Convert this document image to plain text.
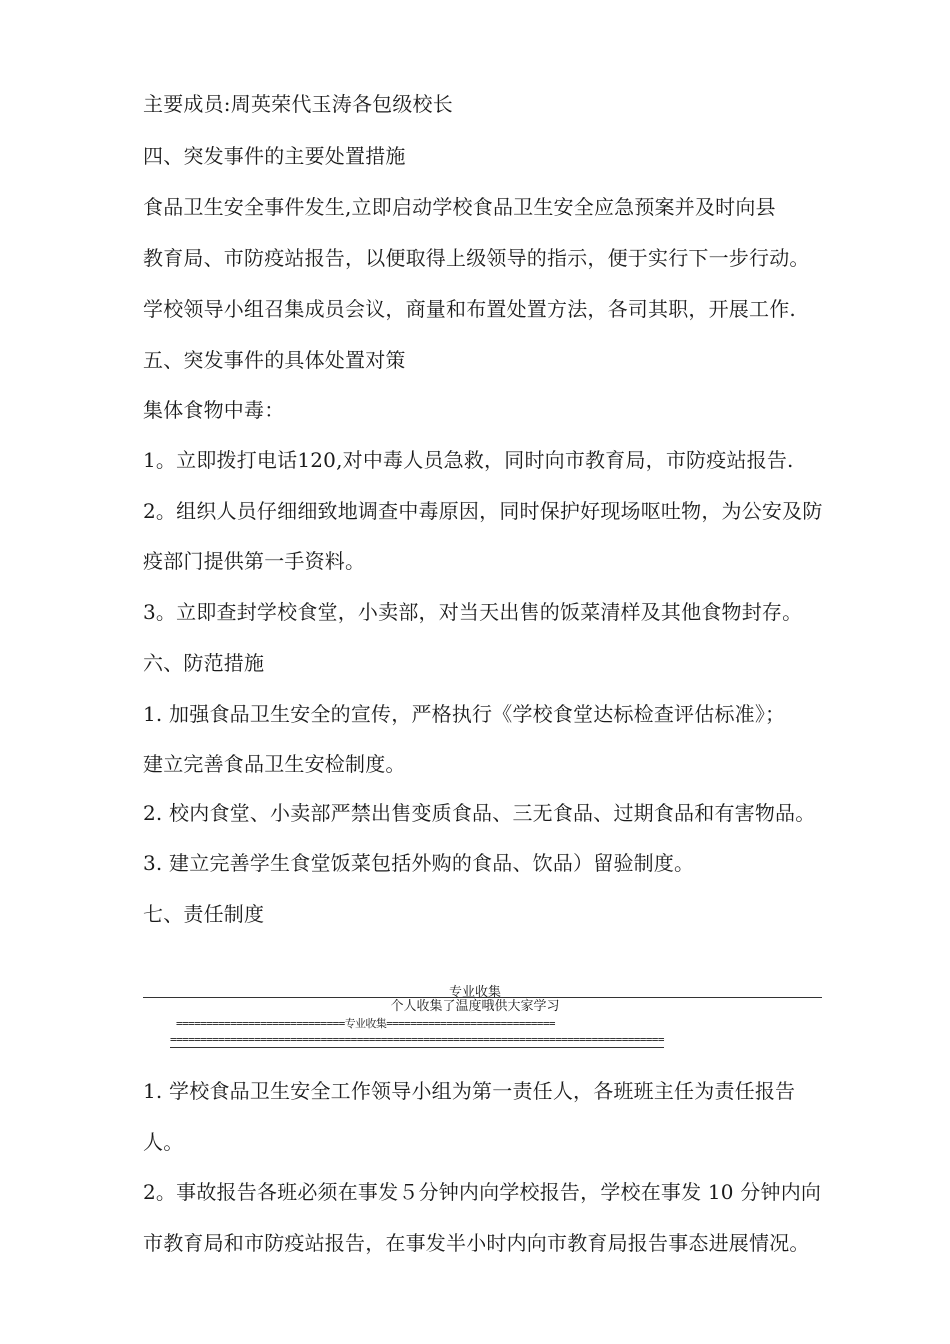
主要成员:周英荣代玉涛各包级校长
四、突发事件的主要处置措施
食品卫生安全事件发生,立即启动学校食品卫生安全应急预案并及时向县
教育局、市防疫站报告，以便取得上级领导的指示，便于实行下一步行动。
学校领导小组召集成员会议，商量和布置处置方法，各司其职，开展工作.
五、突发事件的具体处置对策
集体食物中毒：
1。立即拨打电话120,对中毒人员急救，同时向市教育局，市防疫站报告.
2。组织人员仔细细致地调查中毒原因，同时保护好现场呕吐物，为公安及防
疫部门提供第一手资料。
3。立即查封学校食堂，小卖部，对当天出售的饭菜清样及其他食物封存。
六、防范措施
1. 加强食品卫生安全的宣传，严格执行《学校食堂达标检查评估标准》；
建立完善食品卫生安检制度。
2. 校内食堂、小卖部严禁出售变质食品、三无食品、过期食品和有害物品。
3. 建立完善学生食堂饭菜包括外购的食品、饮品）留验制度。
七、责任制度
专业收集
个人收集了温度哦供大家学习
============================专业收集============================
==================================================================================
1. 学校食品卫生安全工作领导小组为第一责任人，各班班主任为责任报告
人。
2。事故报告各班必须在事发５分钟内向学校报告，学校在事发 10 分钟内向
市教育局和市防疫站报告，在事发半小时内向市教育局报告事态进展情况。
